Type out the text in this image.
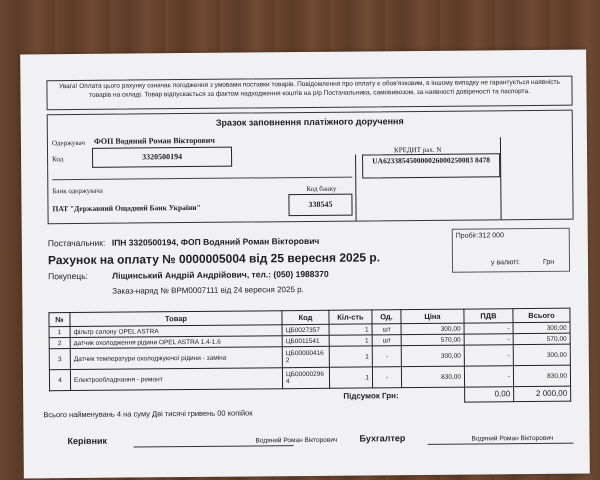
Увага! Оплата цього рахунку означає погодження з умовами поставки товарів. Повідомлення про оплату є обов'язковим, в іншому випадку не гарантується наявність товарів на складі. Товар відпускається за фактом надходження коштів на р/р Постачальника, самовивозом, за наявності довіреності та паспорта.
Зразок заповнення платіжного доручення
Одержувач ФОП Водяний Роман Вікторович
Код	3320500194
КРЕДИТ рах. N
UA623385450000026000250083 8478
Банк одержувача	Код банку
ПАТ "Державний Ощадний Банк України"	338545
Постачальник: ІПН 3320500194, ФОП Водяний Роман Вікторович
Рахунок на оплату № 0000005004 від 25 вересня 2025 р.
Покупець:	Ліщинський Андрій Андрійович, тел.: (050) 1988370
Заказ-наряд № ВРМ0007111 від 24 вересня 2025 р.
Пробіг:312 000
у валюті:	Грн
№	Товар	Код	Кіл-сть	Од.	Ціна	ПДВ	Всього
1	фільтр салону OPEL ASTRA	ЦБ0027357	1	шт	300,00	-	300,00
2	датчик охолодження рідини OPEL ASTRA 1.4-1.6	ЦБ0011541	1	шт	570,00	-	570,00
3	Датчик температури охолоджуючої рідини - заміна	ЦБ00000416 2	1	-	300,00	-	300,00
4	Електрообладнання - ремонт	ЦБ00000296 4	1	-	830,00	-	830,00
Підсумок Грн:						0,00	2 000,00
Всього найменувань 4 на суму Дві тисячі гривень 00 копійок
Керівник	Водяний Роман Вікторович Бухгалтер	Водяний Роман Вікторович
